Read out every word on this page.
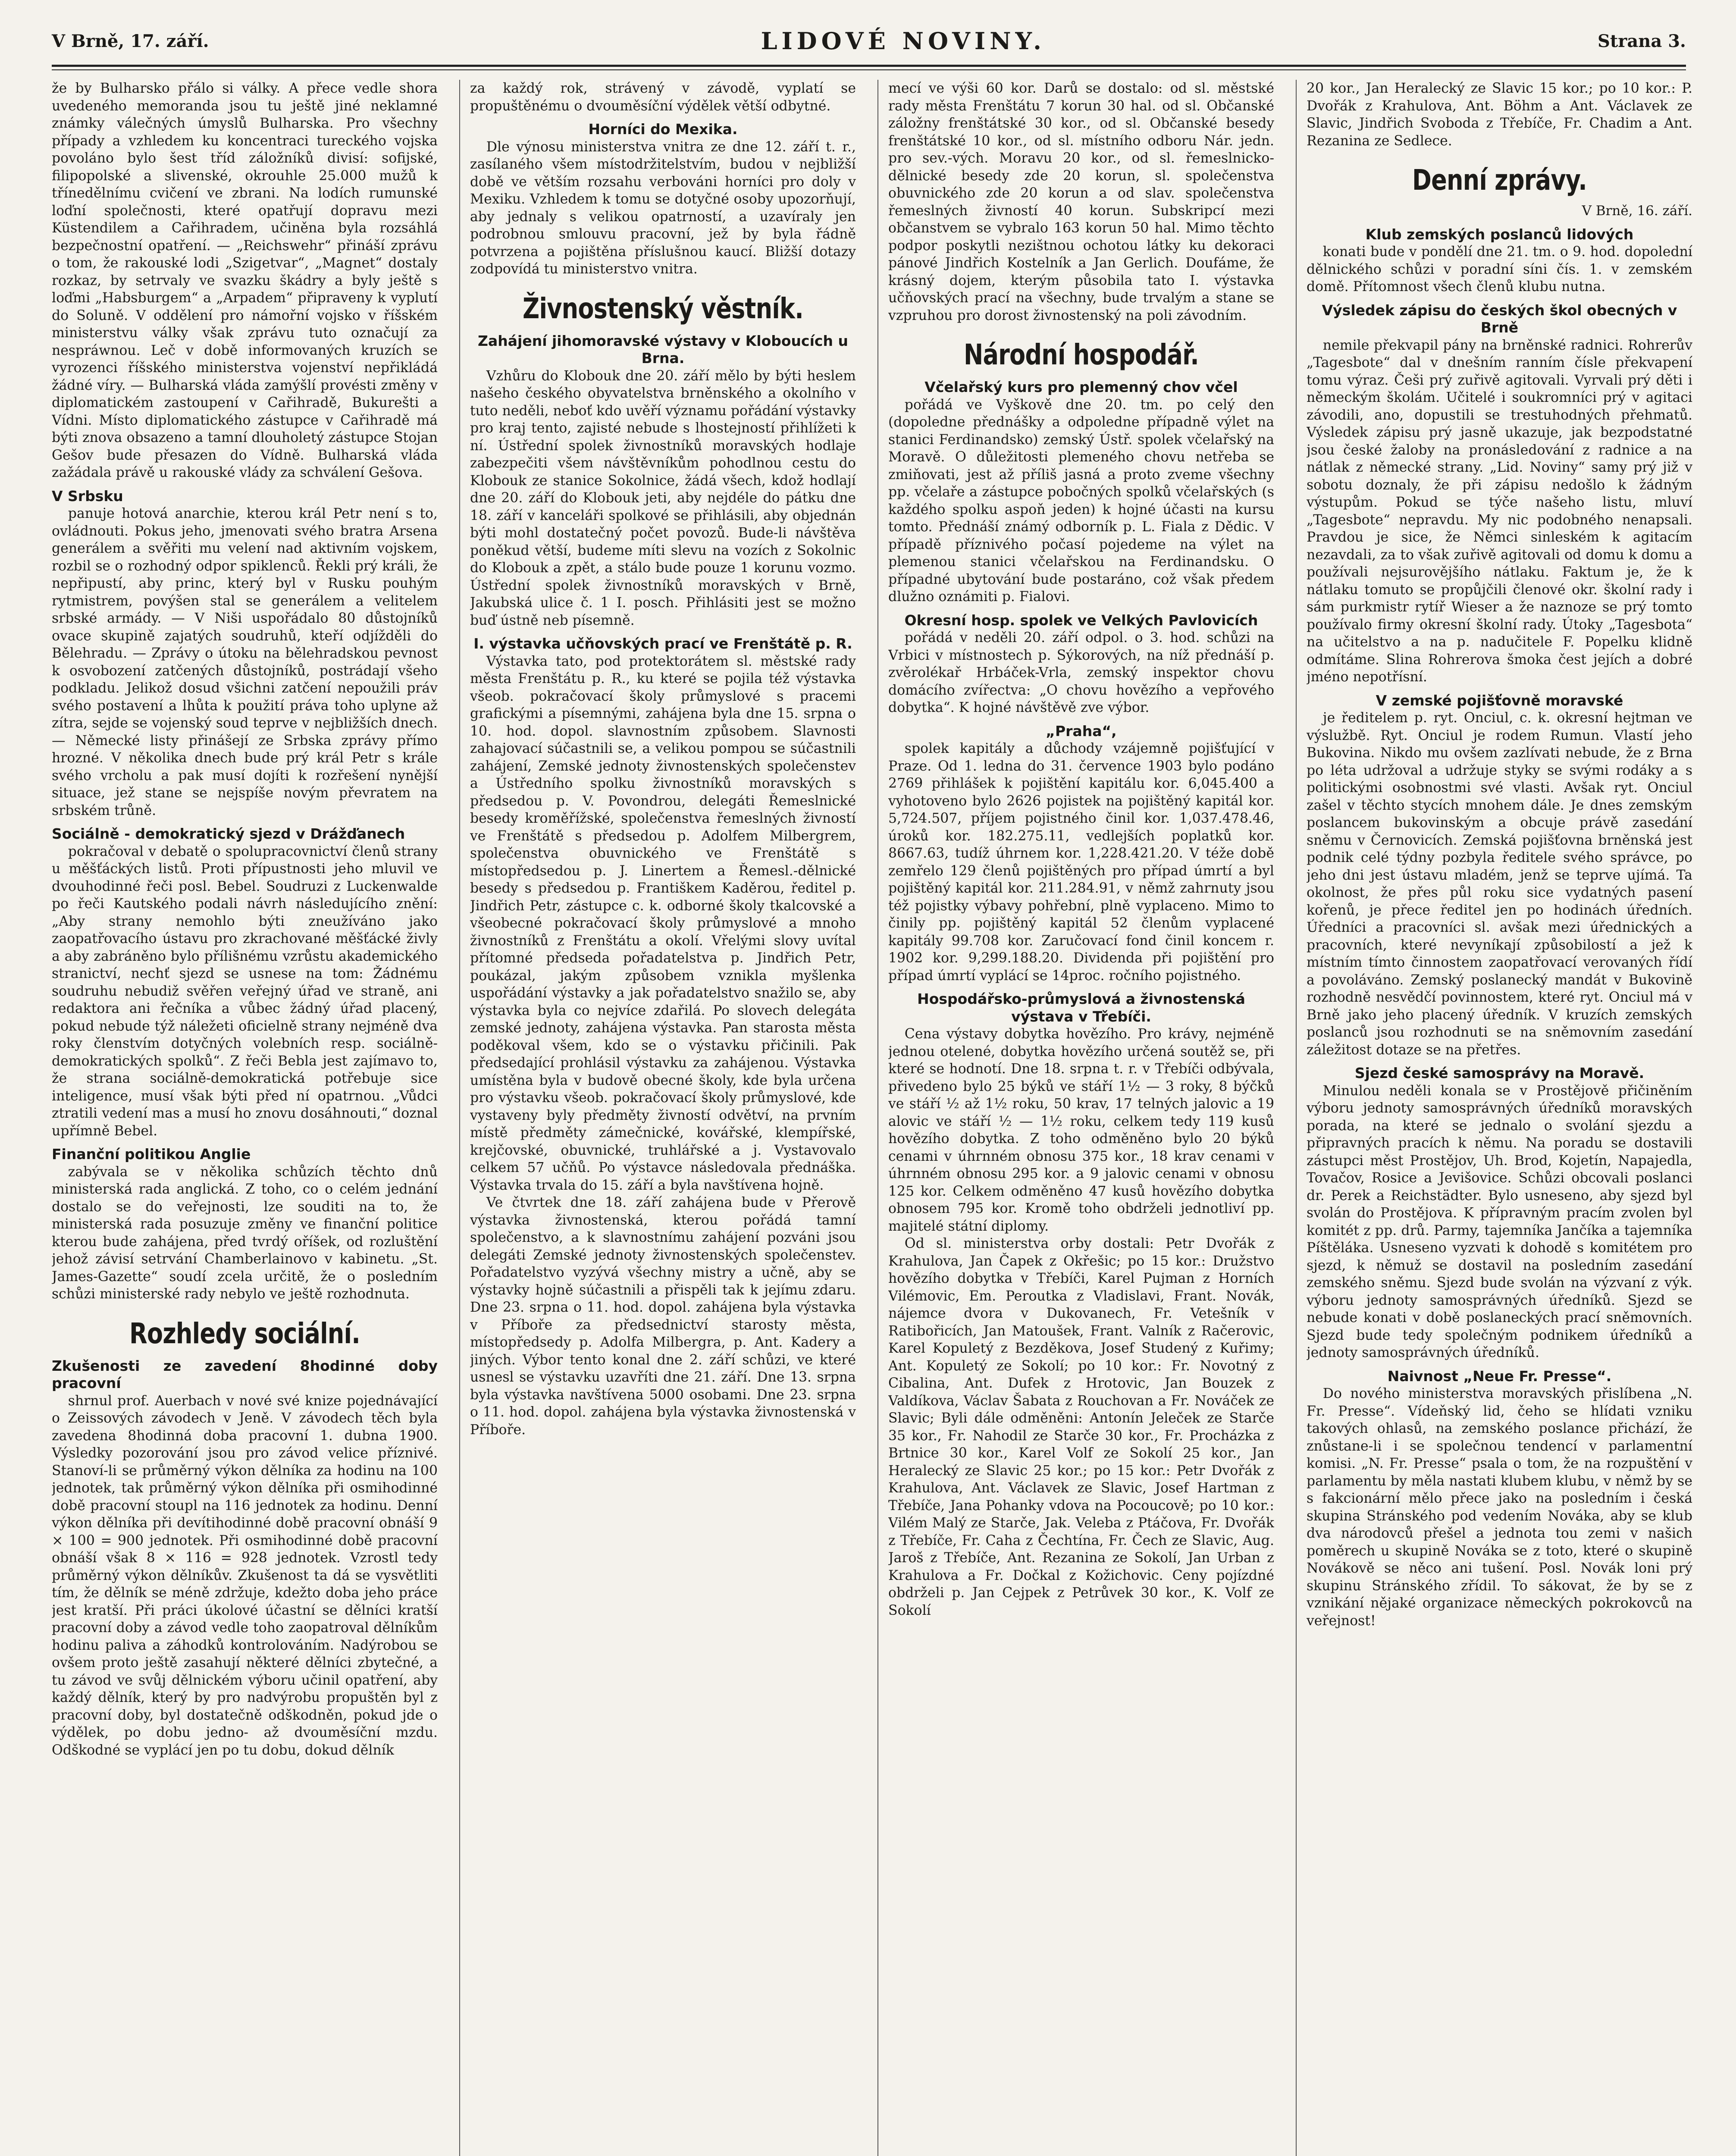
V Brně, 17. září.	LIDOVÉ NOVINY.	Strana 3.

že by Bulharsko přálo si války. A přece vedle shora uvedeného memoranda jsou tu ještě jiné neklamné známky válečných úmyslů Bulharska. Pro všechny případy a vzhledem ku koncentraci tureckého vojska povoláno bylo šest tříd záložníků divisí: sofijské, filipopolské a slivenské, okrouhle 25.000 mužů k třínedělnímu cvičení ve zbrani. Na lodích rumunské loďní společnosti, které opatřují dopravu mezi Küstendilem a Cařihradem, učiněna byla rozsáhlá bezpečnostní opatření. — „Reichswehr“ přináší zprávu o tom, že rakouské lodi „Szigetvar“, „Magnet“ dostaly rozkaz, by setrvaly ve svazku škádry a byly ještě s loďmi „Habsburgem“ a „Arpadem“ připraveny k vyplutí do Soluně. V oddělení pro námořní vojsko v říšském ministerstvu války však zprávu tuto označují za nespráwnou. Leč v době informovaných kruzích se vyrozenci říšského ministerstva vojenství nepřikládá žádné víry. — Bulharská vláda zamýšlí provésti změny v diplomatickém zastoupení v Cařihradě, Bukurešti a Vídni. Místo diplomatického zástupce v Cařihradě má býti znova obsazeno a tamní dlouholetý zástupce Stojan Gešov bude přesazen do Vídně. Bulharská vláda zažádala právě u rakouské vlády za schválení Gešova.

V Srbsku

panuje hotová anarchie, kterou král Petr není s to, ovládnouti. Pokus jeho, jmenovati svého bratra Arsena generálem a svěřiti mu velení nad aktivním vojskem, rozbil se o rozhodný odpor spiklenců. Řekli prý králi, že nepřipustí, aby princ, který byl v Rusku pouhým rytmistrem, povýšen stal se generálem a velitelem srbské armády. — V Niši uspořádalo 80 důstojníků ovace skupině zajatých soudruhů, kteří odjížděli do Bělehradu. — Zprávy o útoku na bělehradskou pevnost k osvobození zatčených důstojníků, postrádají všeho podkladu. Jelikož dosud všichni zatčení nepoužili práv svého postavení a lhůta k použití práva toho uplyne až zítra, sejde se vojenský soud teprve v nejbližších dnech. — Německé listy přinášejí ze Srbska zprávy přímo hrozné. V několika dnech bude prý král Petr s krále svého vrcholu a pak musí dojíti k rozřešení nynější situace, jež stane se nejspíše novým převratem na srbském trůně.

Sociálně - demokratický sjezd v Drážďanech

pokračoval v debatě o spolupracovnictví členů strany u měšťáckých listů. Proti přípustnosti jeho mluvil ve dvouhodinné řeči posl. Bebel. Soudruzi z Luckenwalde po řeči Kautského podali návrh následujícího znění: „Aby strany nemohlo býti zneužíváno jako zaopatřovacího ústavu pro zkrachované měšťácké živly a aby zabráněno bylo přílišnému vzrůstu akademického stranictví, nechť sjezd se usnese na tom: Žádnému soudruhu nebudiž svěřen veřejný úřad ve straně, ani redaktora ani řečníka a vůbec žádný úřad placený, pokud nebude týž náležeti oficielně strany nejméně dva roky členstvím dotyčných volebních resp. sociálně-demokratických spolků“. Z řeči Bebla jest zajímavo to, že strana sociálně-demokratická potřebuje sice inteligence, musí však býti před ní opatrnou. „Vůdci ztratili vedení mas a musí ho znovu dosáhnouti,“ doznal upřímně Bebel.

Finanční politikou Anglie

zabývala se v několika schůzích těchto dnů ministerská rada anglická. Z toho, co o celém jednání dostalo se do veřejnosti, lze souditi na to, že ministerská rada posuzuje změny ve finanční politice kterou bude zahájena, před tvrdý oříšek, od rozluštění jehož závisí setrvání Chamberlainovo v kabinetu. „St. James-Gazette“ soudí zcela určitě, že o posledním schůzi ministerské rady nebylo ve ještě rozhodnuta.

Rozhledy sociální.

Zkušenosti ze zavedení 8hodinné doby pracovní

shrnul prof. Auerbach v nové své knize pojednávající o Zeissových závodech v Jeně. V závodech těch byla zavedena 8hodinná doba pracovní 1. dubna 1900. Výsledky pozorování jsou pro závod velice příznivé. Stanoví-li se průměrný výkon dělníka za hodinu na 100 jednotek, tak průměrný výkon dělníka při osmihodinné době pracovní stoupl na 116 jednotek za hodinu. Denní výkon dělníka při devítihodinné době pracovní obnáší 9 × 100 = 900 jednotek. Při osmihodinné době pracovní obnáší však 8 × 116 = 928 jednotek. Vzrostl tedy průměrný výkon dělníkův. Zkušenost ta dá se vysvětliti tím, že dělník se méně zdržuje, kdežto doba jeho práce jest kratší. Při práci úkolové účastní se dělníci kratší pracovní doby a závod vedle toho zaopatroval dělníkům hodinu paliva a záhodků kontrolováním. Nadýrobou se ovšem proto ještě zasahují některé dělníci zbytečné, a tu závod ve svůj dělnickém výboru učinil opatření, aby každý dělník, který by pro nadvýrobu propuštěn byl z pracovní doby, byl dostatečně odškodněn, pokud jde o výdělek, po dobu jedno- až dvouměsíční mzdu. Odškodné se vyplácí jen po tu dobu, dokud dělník

za každý rok, strávený v závodě, vyplatí se propuštěnému o dvouměsíční výdělek větší odbytné.

Horníci do Mexika.

Dle výnosu ministerstva vnitra ze dne 12. září t. r., zasílaného všem místodržitelstvím, budou v nejbližší době ve větším rozsahu verbováni horníci pro doly v Mexiku. Vzhledem k tomu se dotyčné osoby upozorňují, aby jednaly s velikou opatrností, a uzavíraly jen podrobnou smlouvu pracovní, jež by byla řádně potvrzena a pojištěna příslušnou kaucí. Bližší dotazy zodpovídá tu ministerstvo vnitra.

Živnostenský věstník.

Zahájení jihomoravské výstavy v Kloboucích u Brna.

Vzhůru do Klobouk dne 20. září mělo by býti heslem našeho českého obyvatelstva brněnského a okolního v tuto neděli, neboť kdo uvěří významu pořádání výstavky pro kraj tento, zajisté nebude s lhostejností přihlížeti k ní. Ústřední spolek živnostníků moravských hodlaje zabezpečiti všem návštěvníkům pohodlnou cestu do Klobouk ze stanice Sokolnice, žádá všech, kdož hodlají dne 20. září do Klobouk jeti, aby nejdéle do pátku dne 18. září v kanceláři spolkové se přihlásili, aby objednán býti mohl dostatečný počet povozů. Bude-li návštěva poněkud větší, budeme míti slevu na vozích z Sokolnic do Klobouk a zpět, a stálo bude pouze 1 korunu vozmo. Ústřední spolek živnostníků moravských v Brně, Jakubská ulice č. 1 I. posch. Přihlásiti jest se možno buď ústně neb písemně.

I. výstavka učňovských prací ve Frenštátě p. R.

Výstavka tato, pod protektorátem sl. městské rady města Frenštátu p. R., ku které se pojila též výstavka všeob. pokračovací školy průmyslové s pracemi grafickými a písemnými, zahájena byla dne 15. srpna o 10. hod. dopol. slavnostním způsobem. Slavnosti zahajovací súčastnili se, a velikou pompou se súčastnili zahájení, Zemské jednoty živnostenských společenstev a Ústředního spolku živnostníků moravských s předsedou p. V. Povondrou, delegáti Řemeslnické besedy kroměřížské, společenstva řemeslných živností ve Frenštátě s předsedou p. Adolfem Milbergrem, společenstva obuvnického ve Frenštátě s místopředsedou p. J. Linertem a Řemesl.-dělnické besedy s předsedou p. Františkem Kaděrou, ředitel p. Jindřich Petr, zástupce c. k. odborné školy tkalcovské a všeobecné pokračovací školy průmyslové a mnoho živnostníků z Frenštátu a okolí. Vřelými slovy uvítal přítomné předseda pořadatelstva p. Jindřich Petr, poukázal, jakým způsobem vznikla myšlenka uspořádání výstavky a jak pořadatelstvo snažilo se, aby výstavka byla co nejvíce zdařilá. Po slovech delegáta zemské jednoty, zahájena výstavka. Pan starosta města poděkoval všem, kdo se o výstavku přičinili. Pak předsedající prohlásil výstavku za zahájenou. Výstavka umístěna byla v budově obecné školy, kde byla určena pro výstavku všeob. pokračovací školy průmyslové, kde vystaveny byly předměty živností odvětví, na prvním místě předměty zámečnické, kovářské, klempířské, krejčovské, obuvnické, truhlářské a j. Vystavovalo celkem 57 učňů. Po výstavce následovala přednáška. Výstavka trvala do 15. září a byla navštívena hojně.

Ve čtvrtek dne 18. září zahájena bude v Přerově výstavka živnostenská, kterou pořádá tamní společenstvo, a k slavnostnímu zahájení pozváni jsou delegáti Zemské jednoty živnostenských společenstev. Pořadatelstvo vyzývá všechny mistry a učně, aby se výstavky hojně súčastnili a přispěli tak k jejímu zdaru. Dne 23. srpna o 11. hod. dopol. zahájena byla výstavka v Příboře za předsednictví starosty města, místopředsedy p. Adolfa Milbergra, p. Ant. Kadery a jiných. Výbor tento konal dne 2. září schůzi, ve které usnesl se výstavku uzavříti dne 21. září. Dne 13. srpna byla výstavka navštívena 5000 osobami. Dne 23. srpna o 11. hod. dopol. zahájena byla výstavka živnostenská v Příboře.

mecí ve výši 60 kor. Darů se dostalo: od sl. městské rady města Frenštátu 7 korun 30 hal. od sl. Občanské záložny frenštátské 30 kor., od sl. Občanské besedy frenštátské 10 kor., od sl. místního odboru Nár. jedn. pro sev.-vých. Moravu 20 kor., od sl. řemeslnicko-dělnické besedy zde 20 korun, sl. společenstva obuvnického zde 20 korun a od slav. společenstva řemeslných živností 40 korun. Subskripcí mezi občanstvem se vybralo 163 korun 50 hal. Mimo těchto podpor poskytli nezištnou ochotou látky ku dekoraci pánové Jindřich Kostelník a Jan Gerlich. Doufáme, že krásný dojem, kterým působila tato I. výstavka učňovských prací na všechny, bude trvalým a stane se vzpruhou pro dorost živnostenský na poli závodním.

Národní hospodář.

Včelařský kurs pro plemenný chov včel

pořádá ve Vyškově dne 20. tm. po celý den (dopoledne přednášky a odpoledne případně výlet na stanici Ferdinandsko) zemský Ústř. spolek včelařský na Moravě. O důležitosti plemeného chovu netřeba se zmiňovati, jest až příliš jasná a proto zveme všechny pp. včelaře a zástupce pobočných spolků včelařských (s každého spolku aspoň jeden) k hojné účasti na kursu tomto. Přednáší známý odborník p. L. Fiala z Dědic. V případě příznivého počasí pojedeme na výlet na plemenou stanici včelařskou na Ferdinandsku. O případné ubytování bude postaráno, což však předem dlužno oznámiti p. Fialovi.

Okresní hosp. spolek ve Velkých Pavlovicích

pořádá v neděli 20. září odpol. o 3. hod. schůzi na Vrbici v místnostech p. Sýkorových, na níž přednáší p. zvěrolékař Hrbáček-Vrla, zemský inspektor chovu domácího zvířectva: „O chovu hovězího a vepřového dobytka“. K hojné návštěvě zve výbor.

„Praha“,

spolek kapitály a důchody vzájemně pojišťující v Praze. Od 1. ledna do 31. července 1903 bylo podáno 2769 přihlášek k pojištění kapitálu kor. 6,045.400 a vyhotoveno bylo 2626 pojistek na pojištěný kapitál kor. 5,724.507, příjem pojistného činil kor. 1,037.478.46, úroků kor. 182.275.11, vedlejších poplatků kor. 8667.63, tudíž úhrnem kor. 1,228.421.20. V téže době zemřelo 129 členů pojištěných pro případ úmrtí a byl pojištěný kapitál kor. 211.284.91, v němž zahrnuty jsou též pojistky výbavy pohřební, plně vyplaceno. Mimo to činily pp. pojištěný kapitál 52 členům vyplacené kapitály 99.708 kor. Zaručovací fond činil koncem r. 1902 kor. 9,299.188.20. Dividenda při pojištění pro případ úmrtí vyplácí se 14proc. ročního pojistného.

Hospodářsko-průmyslová a živnostenská výstava v Třebíči.

Cena výstavy dobytka hovězího. Pro krávy, nejméně jednou otelené, dobytka hovězího určená soutěž se, při které se hodnotí. Dne 18. srpna t. r. v Třebíči odbývala, přivedeno bylo 25 býků ve stáří 1½ — 3 roky, 8 býčků ve stáří ½ až 1½ roku, 50 krav, 17 telných jalovic a 19 alovic ve stáří ½ — 1½ roku, celkem tedy 119 kusů hovězího dobytka. Z toho odměněno bylo 20 býků cenami v úhrnném obnosu 375 kor., 18 krav cenami v úhrnném obnosu 295 kor. a 9 jalovic cenami v obnosu 125 kor. Celkem odměněno 47 kusů hovězího dobytka obnosem 795 kor. Kromě toho obdrželi jednotliví pp. majitelé státní diplomy.

Od sl. ministerstva orby dostali: Petr Dvořák z Krahulova, Jan Čapek z Okřešic; po 15 kor.: Družstvo hovězího dobytka v Třebíči, Karel Pujman z Horních Vilémovic, Em. Peroutka z Vladislavi, Frant. Novák, nájemce dvora v Dukovanech, Fr. Vetešník v Ratibořicích, Jan Matoušek, Frant. Valník z Račerovic, Karel Kopuletý z Bezděkova, Josef Studený z Kuřimy; Ant. Kopuletý ze Sokolí; po 10 kor.: Fr. Novotný z Cibalina, Ant. Dufek z Hrotovic, Jan Bouzek z Valdíkova, Václav Šabata z Rouchovan a Fr. Nováček ze Slavic; Byli dále odměněni: Antonín Jeleček ze Starče 35 kor., Fr. Nahodil ze Starče 30 kor., Fr. Procházka z Brtnice 30 kor., Karel Volf ze Sokolí 25 kor., Jan Heralecký ze Slavic 25 kor.; po 15 kor.: Petr Dvořák z Krahulova, Ant. Václavek ze Slavic, Josef Hartman z Třebíče, Jana Pohanky vdova na Pocoucově; po 10 kor.: Vilém Malý ze Starče, Jak. Veleba z Ptáčova, Fr. Dvořák z Třebíče, Fr. Caha z Čechtína, Fr. Čech ze Slavic, Aug. Jaroš z Třebíče, Ant. Rezanina ze Sokolí, Jan Urban z Krahulova a Fr. Dočkal z Kožichovic. Ceny pojízdné obdrželi p. Jan Cejpek z Petrůvek 30 kor., K. Volf ze Sokolí

20 kor., Jan Heralecký ze Slavic 15 kor.; po 10 kor.: P. Dvořák z Krahulova, Ant. Böhm a Ant. Václavek ze Slavic, Jindřich Svoboda z Třebíče, Fr. Chadim a Ant. Rezanina ze Sedlece.

Denní zprávy.

V Brně, 16. září.

Klub zemských poslanců lidových

konati bude v pondělí dne 21. tm. o 9. hod. dopolední dělnického schůzi v poradní síni čís. 1. v zemském domě. Přítomnost všech členů klubu nutna.

Výsledek zápisu do českých škol obecných v Brně

nemile překvapil pány na brněnské radnici. Rohrerův „Tagesbote“ dal v dnešním ranním čísle překvapení tomu výraz. Češi prý zuřivě agitovali. Vyrvali prý děti i německým školám. Učitelé i soukromníci prý v agitaci závodili, ano, dopustili se trestuhodných přehmatů. Výsledek zápisu prý jasně ukazuje, jak bezpodstatné jsou české žaloby na pronásledování z radnice a na nátlak z německé strany. „Lid. Noviny“ samy prý již v sobotu doznaly, že při zápisu nedošlo k žádným výstupům. Pokud se týče našeho listu, mluví „Tagesbote“ nepravdu. My nic podobného nenapsali. Pravdou je sice, že Němci sinleském k agitacím nezavdali, za to však zuřivě agitovali od domu k domu a používali nejsurovějšího nátlaku. Faktum je, že k nátlaku tomuto se propůjčili členové okr. školní rady i sám purkmistr rytíř Wieser a že naznoze se prý tomto používalo firmy okresní školní rady. Útoky „Tagesbota“ na učitelstvo a na p. nadučitele F. Popelku klidně odmítáme. Slina Rohrerova šmoka čest jejích a dobré jméno nepotřísní.

V zemské pojišťovně moravské

je ředitelem p. ryt. Onciul, c. k. okresní hejtman ve výslužbě. Ryt. Onciul je rodem Rumun. Vlastí jeho Bukovina. Nikdo mu ovšem zazlívati nebude, že z Brna po léta udržoval a udržuje styky se svými rodáky a s politickými osobnostmi své vlasti. Avšak ryt. Onciul zašel v těchto stycích mnohem dále. Je dnes zemským poslancem bukovinským a obcuje právě zasedání sněmu v Černovicích. Zemská pojišťovna brněnská jest podnik celé týdny pozbyla ředitele svého správce, po jeho dni jest ústavu mladém, jenž se teprve ujímá. Ta okolnost, že přes půl roku sice vydatných pasení kořenů, je přece ředitel jen po hodinách úředních. Úředníci a pracovníci sl. avšak mezi úřednických a pracovních, které nevyníkají způsobilostí a jež k místním tímto činnostem zaopatřovací verovaných řídí a povoláváno. Zemský poslanecký mandát v Bukovině rozhodně nesvědčí povinnostem, které ryt. Onciul má v Brně jako jeho placený úředník. V kruzích zemských poslanců jsou rozhodnuti se na sněmovním zasedání záležitost dotaze se na přetřes.

Sjezd české samosprávy na Moravě.

Minulou neděli konala se v Prostějově přičiněním výboru jednoty samosprávných úředníků moravských porada, na které se jednalo o svolání sjezdu a připravných pracích k němu. Na poradu se dostavili zástupci měst Prostějov, Uh. Brod, Kojetín, Napajedla, Tovačov, Rosice a Jevišovice. Schůzi obcovali poslanci dr. Perek a Reichstädter. Bylo usneseno, aby sjezd byl svolán do Prostějova. K přípravným pracím zvolen byl komitét z pp. drů. Parmy, tajemníka Jančíka a tajemníka Píštěláka. Usneseno vyzvati k dohodě s komitétem pro sjezd, k němuž se dostavil na posledním zasedání zemského sněmu. Sjezd bude svolán na výzvaní z výk. výboru jednoty samosprávných úředníků. Sjezd se nebude konati v době poslaneckých prací sněmovních. Sjezd bude tedy společným podnikem úředníků a jednoty samosprávných úředníků.

Naivnost „Neue Fr. Presse“.

Do nového ministerstva moravských přislíbena „N. Fr. Presse“. Vídeňský lid, čeho se hlídati vzniku takových ohlasů, na zemského poslance přichází, že znůstane-li i se společnou tendencí v parlamentní komisi. „N. Fr. Presse“ psala o tom, že na rozpuštění v parlamentu by měla nastati klubem klubu, v němž by se s fakcionární mělo přece jako na posledním i česká skupina Stránského pod vedením Nováka, aby se klub dva národovců přešel a jednota tou zemi v našich poměrech u skupině Nováka se z toto, které o skupině Novákově se něco ani tušení. Posl. Novák loni prý skupinu Stránského zřídil. To sákovat, že by se z vznikání nějaké organizace německých pokrokovců na veřejnost!
